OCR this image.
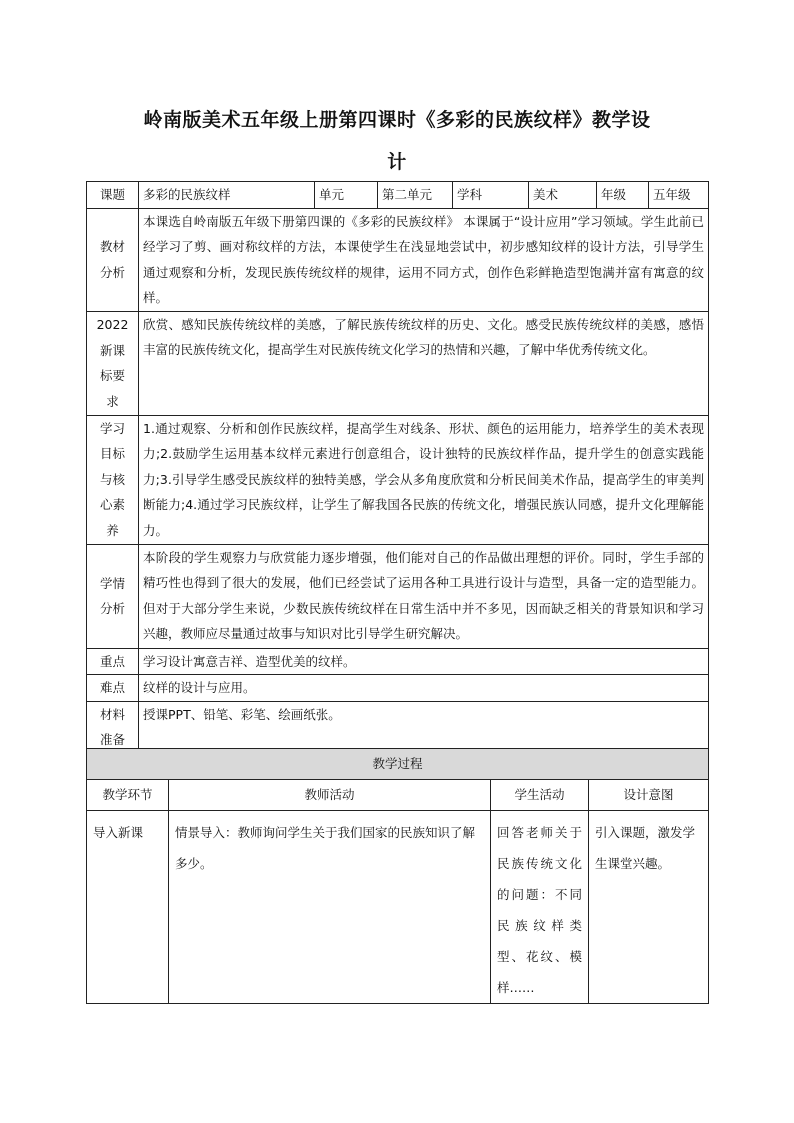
岭南版美术五年级上册第四课时《多彩的民族纹样》教学设
计
课题	多彩的民族纹样	单元	第二单元	学科	美术	年级	五年级

教材
分析	本课选自岭南版五年级下册第四课的《多彩的民族纹样》 本课属于“设计应用”学习领域。学生此前已经学习了剪、画对称纹样的方法，本课使学生在浅显地尝试中，初步感知纹样的设计方法，引导学生通过观察和分析，发现民族传统纹样的规律，运用不同方式，创作色彩鲜艳造型饱满并富有寓意的纹样。						

2022
新课
标要
求	欣赏、感知民族传统纹样的美感，了解民族传统纹样的历史、文化。感受民族传统纹样的美感，感悟丰富的民族传统文化，提高学生对民族传统文化学习的热情和兴趣，了解中华优秀传统文化。						

学习
目标
与核
心素
养	1.通过观察、分析和创作民族纹样，提高学生对线条、形状、颜色的运用能力，培养学生的美术表现力;2.鼓励学生运用基本纹样元素进行创意组合，设计独特的民族纹样作品，提升学生的创意实践能力;3.引导学生感受民族纹样的独特美感，学会从多角度欣赏和分析民间美术作品，提高学生的审美判断能力;4.通过学习民族纹样，让学生了解我国各民族的传统文化，增强民族认同感，提升文化理解能力。						

学情
分析	本阶段的学生观察力与欣赏能力逐步增强，他们能对自己的作品做出理想的评价。同时，学生手部的精巧性也得到了很大的发展，他们已经尝试了运用各种工具进行设计与造型，具备一定的造型能力。但对于大部分学生来说，少数民族传统纹样在日常生活中并不多见，因而缺乏相关的背景知识和学习兴趣，教师应尽量通过故事与知识对比引导学生研究解决。						
重点	学习设计寓意吉祥、造型优美的纹样。						
难点	纹样的设计与应用。						

材料
准备	授课PPT、铅笔、彩笔、绘画纸张。						
教学过程			
教学环节	教师活动	学生活动	设计意图
导入新课	情景导入：教师询问学生关于我们国家的民族知识了解多少。	回答老师关于民族传统文化的问题：不同民族纹样类型、花纹、模样……	引入课题，激发学生课堂兴趣。
